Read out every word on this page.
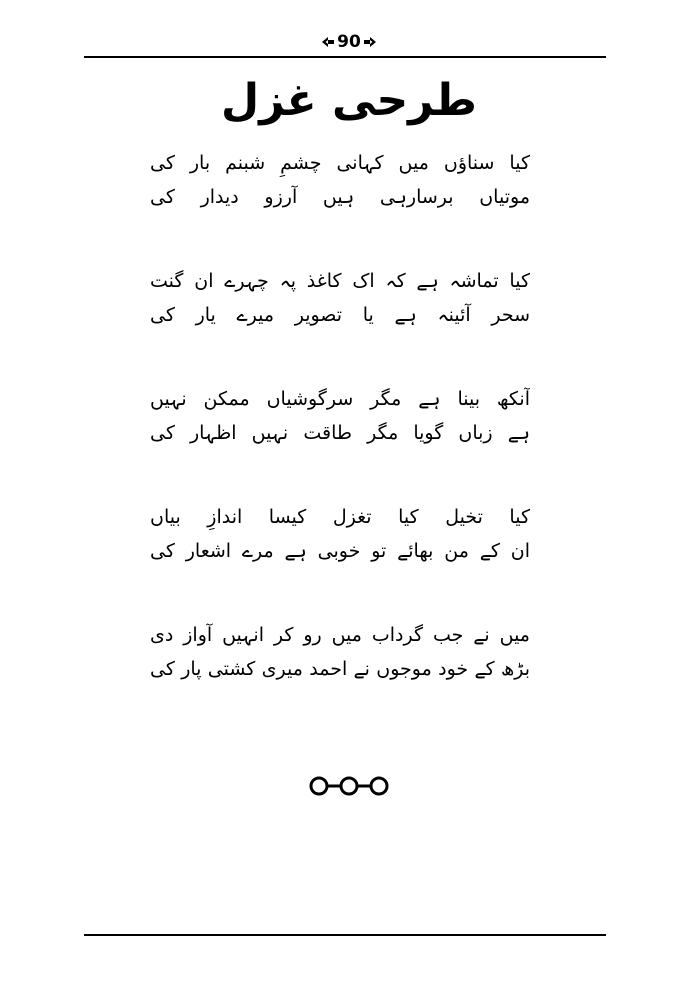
90
طرحی غزل
کیا سناؤں میں کہانی چشمِ شبنم بار کی
موتیاں برسارہی ہیں آرزو دیدار کی
کیا تماشہ ہے کہ اک کاغذ پہ چہرے ان گنت
سحر آئینہ ہے یا تصویر میرے یار کی
آنکھ بینا ہے مگر سرگوشیاں ممکن نہیں
ہے زباں گویا مگر طاقت نہیں اظہار کی
کیا تخیل کیا تغزل کیسا اندازِ بیاں
ان کے من بھائے تو خوبی ہے مرے اشعار کی
میں نے جب گرداب میں رو کر انہیں آواز دی
بڑھ کے خود موجوں نے احمد میری کشتی پار کی
